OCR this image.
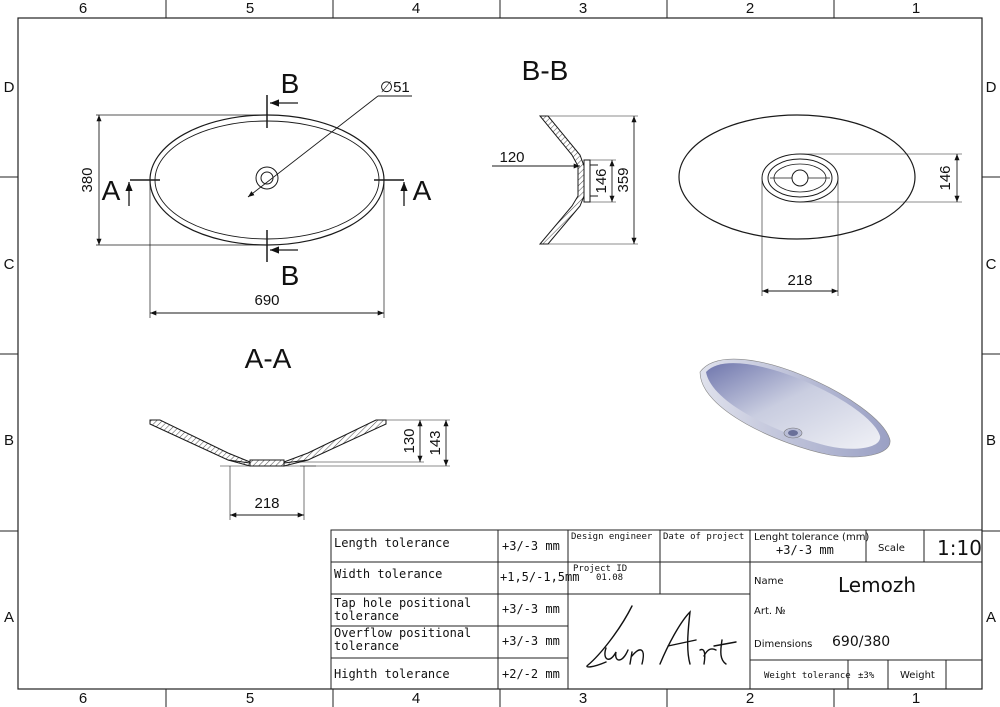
6	5	4	3	2	1
6	5	4	3	2	1
D
C
B
A
D
C
B
A
B
B
A	A
∅51
380
690
B-B
120
146 359	146
218
A-A
130 143
218
Length tolerance	+3/-3 mm
Width tolerance	+1,5/-1,5mm
Tap hole positional
tolerance	+3/-3 mm
Overflow positional
tolerance	+3/-3 mm
Highth tolerance	+2/-2 mm
Design engineer Date of project
Project ID
01.08
Lenght tolerance (mm)
+3/-3 mm	Scale 1:10
Name	Lemozh
Art. №
Dimensions 690/380
Weight tolerance ±3%	Weight
